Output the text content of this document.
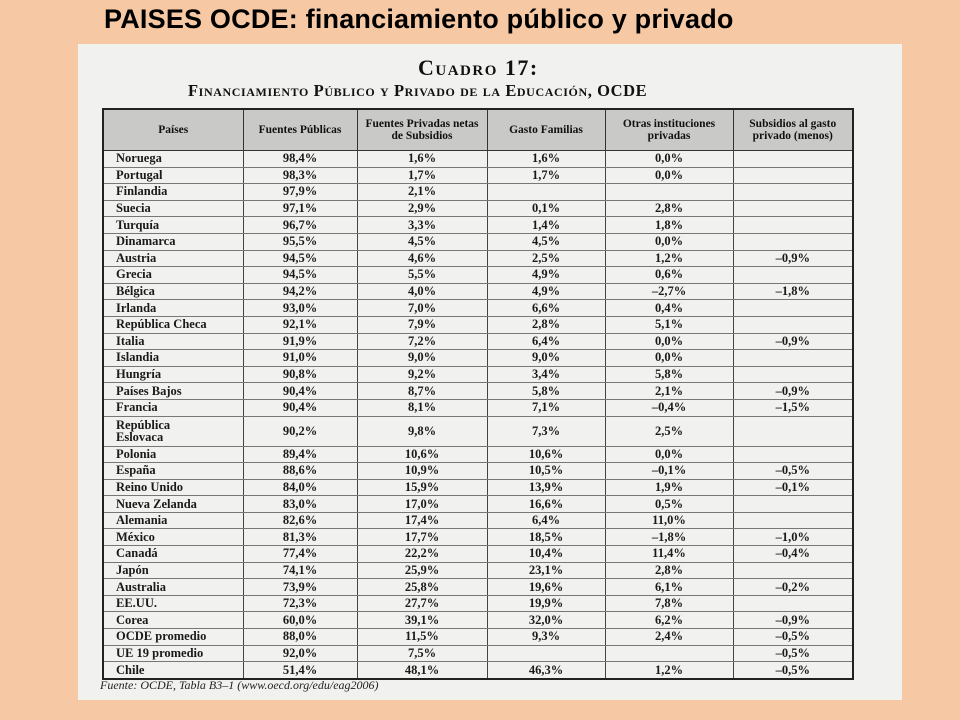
PAISES OCDE: financiamiento público y privado
Cuadro 17:
Financiamiento Público y Privado de la Educación, OCDE
Países	Fuentes Públicas	Fuentes Privadas netas de Subsidios	Gasto Familias	Otras instituciones privadas	Subsidios al gasto privado (menos)
Noruega	98,4%	1,6%	1,6%	0,0%	
Portugal	98,3%	1,7%	1,7%	0,0%	
Finlandia	97,9%	2,1%			
Suecia	97,1%	2,9%	0,1%	2,8%	
Turquía	96,7%	3,3%	1,4%	1,8%	
Dinamarca	95,5%	4,5%	4,5%	0,0%	
Austria	94,5%	4,6%	2,5%	1,2%	–0,9%
Grecia	94,5%	5,5%	4,9%	0,6%	
Bélgica	94,2%	4,0%	4,9%	–2,7%	–1,8%
Irlanda	93,0%	7,0%	6,6%	0,4%	
República Checa	92,1%	7,9%	2,8%	5,1%	
Italia	91,9%	7,2%	6,4%	0,0%	–0,9%
Islandia	91,0%	9,0%	9,0%	0,0%	
Hungría	90,8%	9,2%	3,4%	5,8%	
Países Bajos	90,4%	8,7%	5,8%	2,1%	–0,9%
Francia	90,4%	8,1%	7,1%	–0,4%	–1,5%
República
Eslovaca	90,2%	9,8%	7,3%	2,5%	
Polonia	89,4%	10,6%	10,6%	0,0%	
España	88,6%	10,9%	10,5%	–0,1%	–0,5%
Reino Unido	84,0%	15,9%	13,9%	1,9%	–0,1%
Nueva Zelanda	83,0%	17,0%	16,6%	0,5%	
Alemania	82,6%	17,4%	6,4%	11,0%	
México	81,3%	17,7%	18,5%	–1,8%	–1,0%
Canadá	77,4%	22,2%	10,4%	11,4%	–0,4%
Japón	74,1%	25,9%	23,1%	2,8%	
Australia	73,9%	25,8%	19,6%	6,1%	–0,2%
EE.UU.	72,3%	27,7%	19,9%	7,8%	
Corea	60,0%	39,1%	32,0%	6,2%	–0,9%
OCDE promedio	88,0%	11,5%	9,3%	2,4%	–0,5%
UE 19 promedio	92,0%	7,5%			–0,5%
Chile	51,4%	48,1%	46,3%	1,2%	–0,5%
Fuente: OCDE, Tabla B3–1 (www.oecd.org/edu/eag2006)
